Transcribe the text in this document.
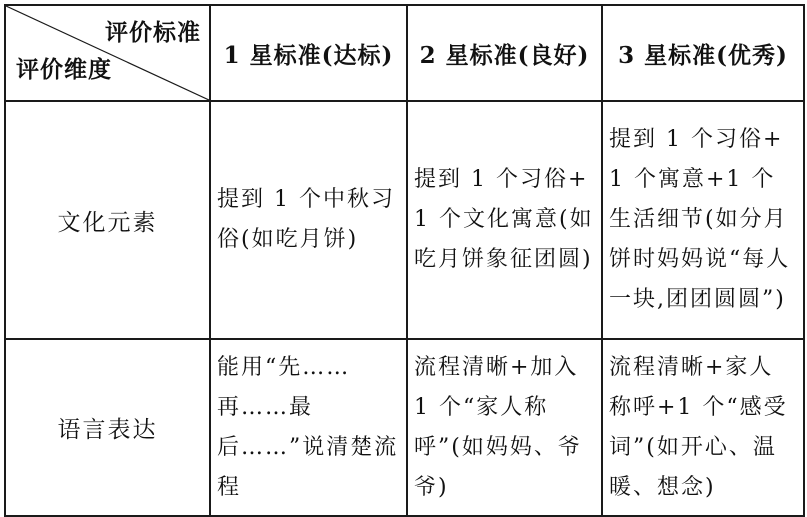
评价标准
评价维度	1 星标准(达标)	2 星标准(良好)	3 星标准(优秀)
文化元素	提到 1 个中秋习俗(如吃月饼)	提到 1 个习俗+1 个文化寓意(如吃月饼象征团圆)	提到 1 个习俗+1 个寓意+1 个生活细节(如分月饼时妈妈说“每人一块,团团圆圆”)
语言表达	能用“先……再……最后……”说清楚流程	流程清晰+加入 1 个“家人称呼”(如妈妈、爷爷)	流程清晰+家人称呼+1 个“感受词”(如开心、温暖、想念)
